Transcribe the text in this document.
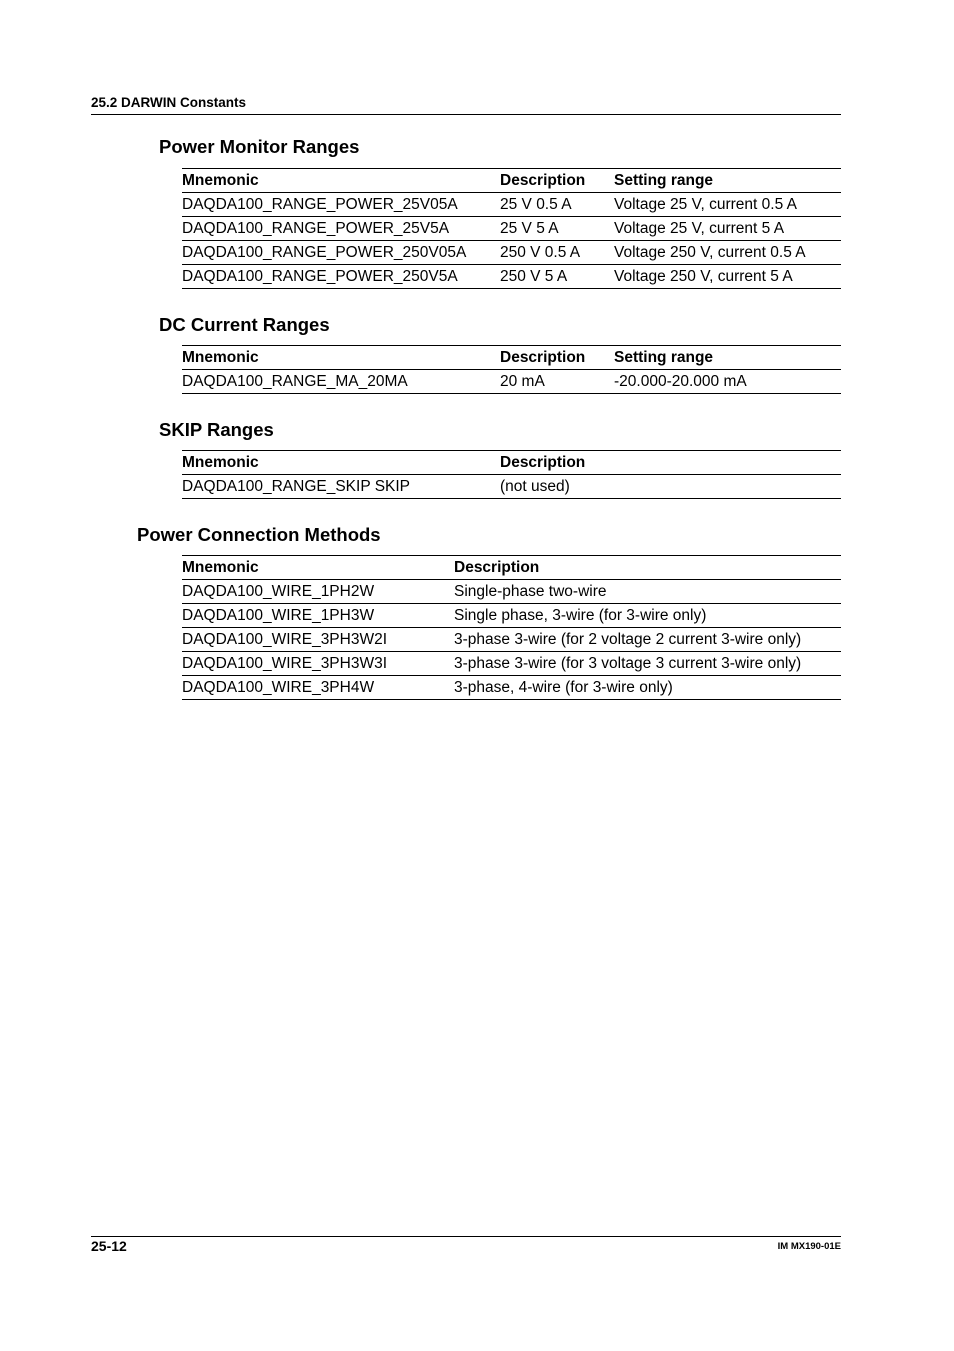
25.2 DARWIN Constants
Power Monitor Ranges
Mnemonic	Description	Setting range
DAQDA100_RANGE_POWER_25V05A	25 V 0.5 A	Voltage 25 V, current 0.5 A
DAQDA100_RANGE_POWER_25V5A	25 V 5 A	Voltage 25 V, current 5 A
DAQDA100_RANGE_POWER_250V05A	250 V 0.5 A	Voltage 250 V, current 0.5 A
DAQDA100_RANGE_POWER_250V5A	250 V 5 A	Voltage 250 V, current 5 A
DC Current Ranges
Mnemonic	Description	Setting range
DAQDA100_RANGE_MA_20MA	20 mA	-20.000-20.000 mA
SKIP Ranges
Mnemonic	Description
DAQDA100_RANGE_SKIP SKIP	(not used)
Power Connection Methods
Mnemonic	Description
DAQDA100_WIRE_1PH2W	Single-phase two-wire
DAQDA100_WIRE_1PH3W	Single phase, 3-wire (for 3-wire only)
DAQDA100_WIRE_3PH3W2I	3-phase 3-wire (for 2 voltage 2 current 3-wire only)
DAQDA100_WIRE_3PH3W3I	3-phase 3-wire (for 3 voltage 3 current 3-wire only)
DAQDA100_WIRE_3PH4W	3-phase, 4-wire (for 3-wire only)
25-12	IM MX190-01E
